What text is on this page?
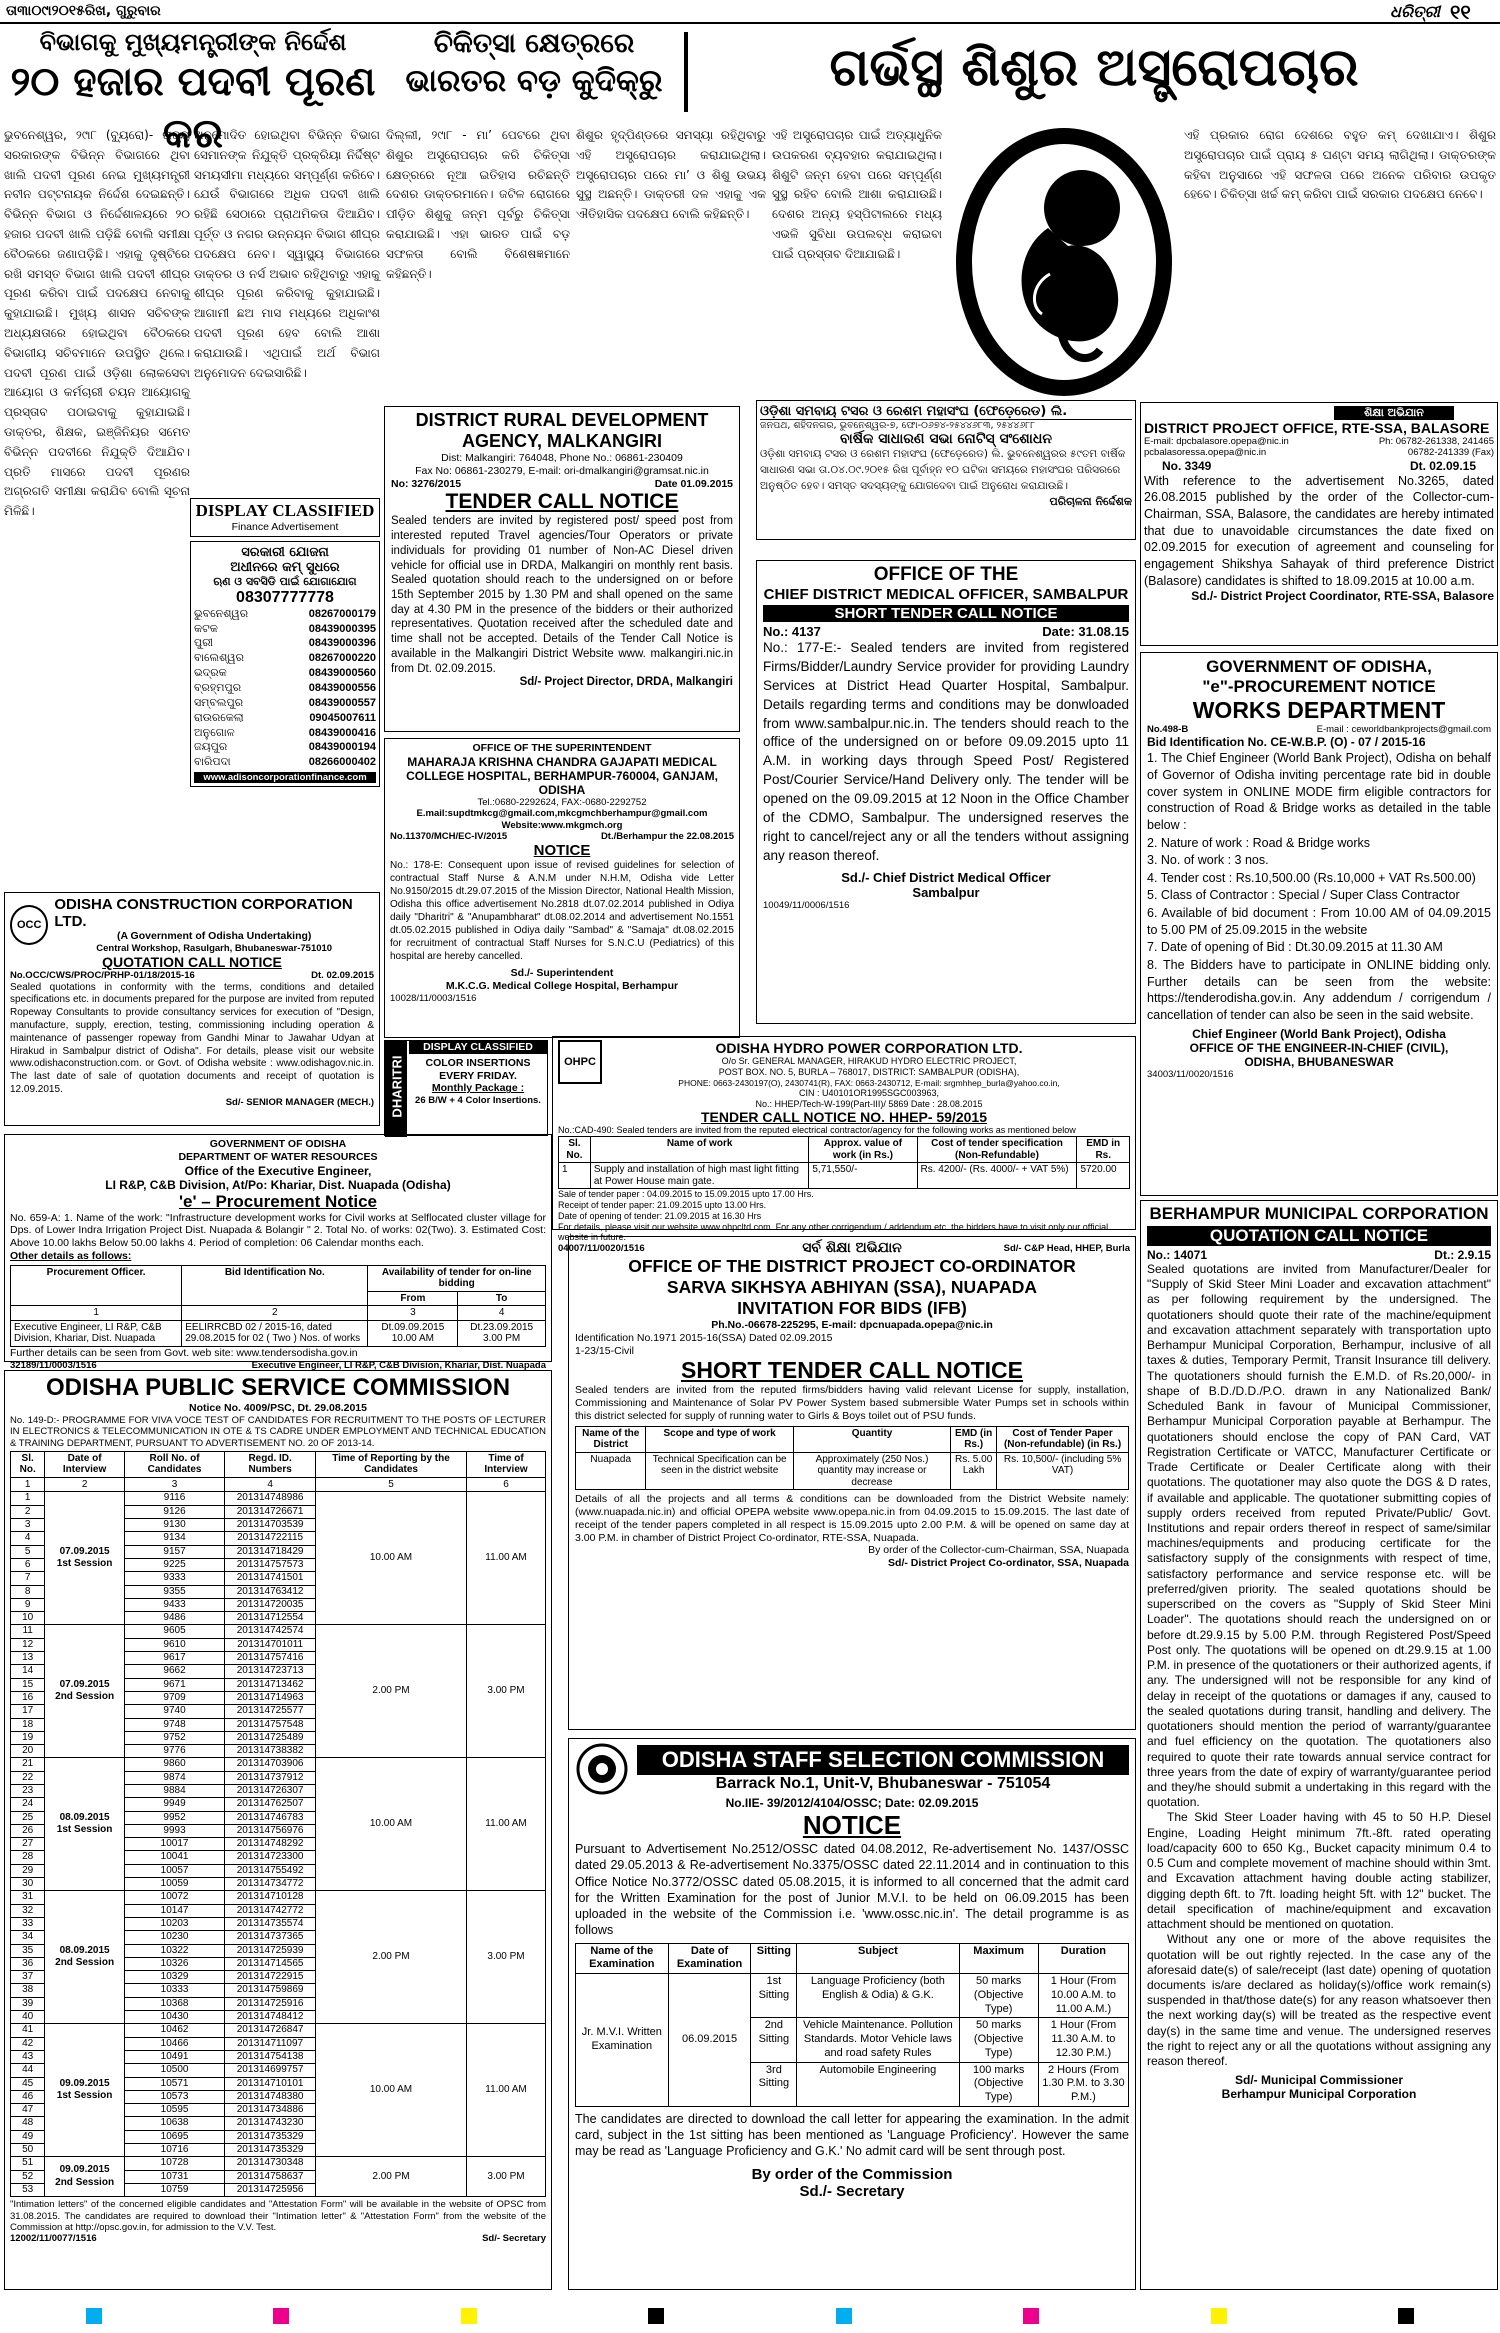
ତା୩ା୦୯ା୨୦୧୫ରିଖ, ଗୁରୁବାର	ଧରିତ୍ରୀ ୧୧
ବିଭାଗକୁ ମୁଖ୍ୟମନ୍ତ୍ରୀଙ୍କ ନିର୍ଦ୍ଦେଶ
୨୦ ହଜାର ପଦବୀ ପୂରଣ କର
ଚିକିତ୍ସା କ୍ଷେତ୍ରରେ
ଭାରତର ବଡ଼ କୁଦିକ୍ରୁ	ଗର୍ଭସ୍ଥ ଶିଶୁର ଅସ୍ତ୍ରୋପଚାର
ଭୁବନେଶ୍ୱର, ୨୯ା୮ (ବ୍ୟୁରୋ)- ରାଜ୍ୟ ସରକାରଙ୍କ ବିଭିନ୍ନ ବିଭାଗରେ ଥିବା ଖାଲି ପଦବୀ ପୂରଣ ନେଇ ମୁଖ୍ୟମନ୍ତ୍ରୀ ନବୀନ ପଟ୍ଟନାୟକ ନିର୍ଦ୍ଦେଶ ଦେଇଛନ୍ତି। ବିଭିନ୍ନ ବିଭାଗ ଓ ନିର୍ଦ୍ଦେଶାଳୟରେ ୨୦ ହଜାର ପଦବୀ ଖାଲି ପଡ଼ିଛି ବୋଲି ସମୀକ୍ଷା ବୈଠକରେ ଜଣାପଡ଼ିଛି। ଏହାକୁ ଦୃଷ୍ଟିରେ ରଖି ସମସ୍ତ ବିଭାଗ ଖାଲି ପଦବୀ ଶୀଘ୍ର ପୂରଣ କରିବା ପାଇଁ ପଦକ୍ଷେପ ନେବାକୁ କୁହାଯାଇଛି। ମୁଖ୍ୟ ଶାସନ ସଚିବଙ୍କ ଅଧ୍ୟକ୍ଷତାରେ ହୋଇଥିବା ବୈଠକରେ ବିଭାଗୀୟ ସଚିବମାନେ ଉପସ୍ଥିତ ଥିଲେ। ପଦବୀ ପୂରଣ ପାଇଁ ଓଡ଼ିଶା ଲୋକସେବା ଆୟୋଗ ଓ କର୍ମଚାରୀ ଚୟନ ଆୟୋଗକୁ ପ୍ରସ୍ତାବ ପଠାଇବାକୁ କୁହାଯାଇଛି। ଡାକ୍ତର, ଶିକ୍ଷକ, ଇଞ୍ଜିନିୟର ସମେତ ବିଭିନ୍ନ ପଦବୀରେ ନିଯୁକ୍ତି ଦିଆଯିବ। ପ୍ରତି ମାସରେ ପଦବୀ ପୂରଣର ଅଗ୍ରଗତି ସମୀକ୍ଷା କରାଯିବ ବୋଲି ସୂଚନା ମିଳିଛି।
ଅନୁମୋଦିତ ହୋଇଥିବା ବିଭିନ୍ନ ବିଭାଗ ସେମାନଙ୍କ ନିଯୁକ୍ତି ପ୍ରକ୍ରିୟା ନିର୍ଦ୍ଦିଷ୍ଟ ସମୟସୀମା ମଧ୍ୟରେ ସମ୍ପୂର୍ଣ୍ଣ କରିବେ। ଯେଉଁ ବିଭାଗରେ ଅଧିକ ପଦବୀ ଖାଲି ରହିଛି ସେଠାରେ ପ୍ରାଥମିକତା ଦିଆଯିବ। ପୂର୍ତ୍ତ ଓ ନଗର ଉନ୍ନୟନ ବିଭାଗ ଶୀଘ୍ର ପଦକ୍ଷେପ ନେବ। ସ୍ୱାସ୍ଥ୍ୟ ବିଭାଗରେ ଡାକ୍ତର ଓ ନର୍ସ ଅଭାବ ରହିଥିବାରୁ ଏହାକୁ ଶୀଘ୍ର ପୂରଣ କରିବାକୁ କୁହାଯାଇଛି। ଆଗାମୀ ଛଅ ମାସ ମଧ୍ୟରେ ଅଧିକାଂଶ ପଦବୀ ପୂରଣ ହେବ ବୋଲି ଆଶା କରାଯାଉଛି। ଏଥିପାଇଁ ଅର୍ଥ ବିଭାଗ ଅନୁମୋଦନ ଦେଇସାରିଛି।
ଦିଲ୍ଲୀ, ୨୯ା୮ - ମା’ ପେଟରେ ଥିବା ଶିଶୁର ଅସ୍ତ୍ରୋପଚାର କରି ଚିକିତ୍ସା କ୍ଷେତ୍ରରେ ନୂଆ ଇତିହାସ ରଚିଛନ୍ତି ଦେଶର ଡାକ୍ତରମାନେ। ଜଟିଳ ରୋଗରେ ପୀଡ଼ିତ ଶିଶୁକୁ ଜନ୍ମ ପୂର୍ବରୁ ଚିକିତ୍ସା କରାଯାଇଛି। ଏହା ଭାରତ ପାଇଁ ବଡ଼ ସଫଳତା ବୋଲି ବିଶେଷଜ୍ଞମାନେ କହିଛନ୍ତି।
ଶିଶୁର ହୃଦ୍‌ପିଣ୍ଡରେ ସମସ୍ୟା ରହିଥିବାରୁ ଏହି ଅସ୍ତ୍ରୋପଚାର କରାଯାଇଥିଲା। ଅସ୍ତ୍ରୋପଚାର ପରେ ମା’ ଓ ଶିଶୁ ଉଭୟ ସୁସ୍ଥ ଅଛନ୍ତି। ଡାକ୍ତରୀ ଦଳ ଏହାକୁ ଏକ ଐତିହାସିକ ପଦକ୍ଷେପ ବୋଲି କହିଛନ୍ତି।
ଏହି ଅସ୍ତ୍ରୋପଚାର ପାଇଁ ଅତ୍ୟାଧୁନିକ ଉପକରଣ ବ୍ୟବହାର କରାଯାଇଥିଲା। ଶିଶୁଟି ଜନ୍ମ ହେବା ପରେ ସମ୍ପୂର୍ଣ୍ଣ ସୁସ୍ଥ ରହିବ ବୋଲି ଆଶା କରାଯାଉଛି। ଦେଶର ଅନ୍ୟ ହସ୍ପିଟାଲରେ ମଧ୍ୟ ଏଭଳି ସୁବିଧା ଉପଲବ୍ଧ କରାଇବା ପାଇଁ ପ୍ରସ୍ତାବ ଦିଆଯାଇଛି।
ଏହି ପ୍ରକାର ରୋଗ ଦେଶରେ ବହୁତ କମ୍ ଦେଖାଯାଏ। ଶିଶୁର ଅସ୍ତ୍ରୋପଚାର ପାଇଁ ପ୍ରାୟ ୫ ଘଣ୍ଟା ସମୟ ଲାଗିଥିଲା। ଡାକ୍ତରଙ୍କ କହିବା ଅନୁସାରେ ଏହି ସଫଳତା ପରେ ଅନେକ ପରିବାର ଉପକୃତ ହେବେ। ଚିକିତ୍ସା ଖର୍ଚ୍ଚ କମ୍ କରିବା ପାଇଁ ସରକାର ପଦକ୍ଷେପ ନେବେ।
DISPLAY CLASSIFIED
Finance Advertisement
ସରକାରୀ ଯୋଜନା
ଅଧୀନରେ କମ୍ ସୁଧରେ
ଋଣ ଓ ସବସିଡି ପାଇଁ ଯୋଗାଯୋଗ
08307777778
ଭୁବନେଶ୍ୱର	08267000179
କଟକ	08439000395
ପୁରୀ	08439000396
ବାଲେଶ୍ୱର	08267000220
ଭଦ୍ରକ	08439000560
ବ୍ରହ୍ମପୁର	08439000556
ସମ୍ବଲପୁର	08439000557
ରାଉରକେଲା	09045007611
ଅନୁଗୋଳ	08439000416
ଜୟପୁର	08439000194
ବାରିପଦା	08266000402
www.adisoncorporationfinance.com
DISTRICT RURAL DEVELOPMENT
AGENCY, MALKANGIRI
Dist: Malkangiri: 764048, Phone No.: 06861-230409
Fax No: 06861-230279, E-mail: ori-dmalkangiri@gramsat.nic.in
No: 3276/2015	Date 01.09.2015
TENDER CALL NOTICE
Sealed tenders are invited by registered post/ speed post from interested reputed Travel agencies/Tour Operators or private individuals for providing 01 number of Non-AC Diesel driven vehicle for official use in DRDA, Malkangiri on monthly rent basis. Sealed quotation should reach to the undersigned on or before 15th September 2015 by 1.30 PM and shall opened on the same day at 4.30 PM in the presence of the bidders or their authorized representatives. Quotation received after the scheduled date and time shall not be accepted. Details of the Tender Call Notice is available in the Malkangiri District Website www. malkangiri.nic.in from Dt. 02.09.2015.
Sd/- Project Director, DRDA, Malkangiri
ଓଡ଼ିଶା ସମବାୟ ଟସର ଓ ରେଶମ ମହାସଂଘ (ଫେଡ଼େରେଡ) ଲି.
ଜନପଥ, ଶହିଦନଗର, ଭୁବନେଶ୍ୱର-୭, ଫୋ-୦୬୭୪-୨୫୪୪୬୮୩, ୨୫୪୪୬୮୮
ବାର୍ଷିକ ସାଧାରଣ ସଭା ନୋଟିସ୍ ସଂଶୋଧନ
ଓଡ଼ିଶା ସମବାୟ ଟସର ଓ ରେଶମ ମହାସଂଘ (ଫେଡ଼େରେଡ) ଲି. ଭୁବନେଶ୍ୱରର ୫୯ତମ ବାର୍ଷିକ ସାଧାରଣ ସଭା ତା.୦୪.୦୯.୨୦୧୫ ରିଖ ପୂର୍ବାହ୍ନ ୧୦ ଘଟିକା ସମୟରେ ମହାସଂଘର ପରିସରରେ ଅନୁଷ୍ଠିତ ହେବ। ସମସ୍ତ ସଦସ୍ୟଙ୍କୁ ଯୋଗଦେବା ପାଇଁ ଅନୁରୋଧ କରାଯାଉଛି।
ପରିଚାଳନା ନିର୍ଦ୍ଦେଶକ
OFFICE OF THE
CHIEF DISTRICT MEDICAL OFFICER, SAMBALPUR
SHORT TENDER CALL NOTICE
No.: 4137	Date: 31.08.15
No.: 177-E:- Sealed tenders are invited from registered Firms/Bidder/Laundry Service provider for providing Laundry Services at District Head Quarter Hospital, Sambalpur. Details regarding terms and conditions may be donwloaded from www.sambalpur.nic.in. The tenders should reach to the office of the undersigned on or before 09.09.2015 upto 11 A.M. in working days through Speed Post/ Registered Post/Courier Service/Hand Delivery only. The tender will be opened on the 09.09.2015 at 12 Noon in the Office Chamber of the CDMO, Sambalpur. The undersigned reserves the right to cancel/reject any or all the tenders without assigning any reason thereof.
Sd./- Chief District Medical Officer
Sambalpur
10049/11/0006/1516
ଶିକ୍ଷା ଅଭିଯାନ
DISTRICT PROJECT OFFICE, RTE-SSA, BALASORE
E-mail: dpcbalasore.opepa@nic.in	Ph: 06782-261338, 241465
pcbalasoressa.opepa@nic.in	06782-241339 (Fax)
No. 3349	Dt. 02.09.15
With reference to the advertisement No.3265, dated 26.08.2015 published by the order of the Collector-cum-Chairman, SSA, Balasore, the candidates are hereby intimated that due to unavoidable circumstances the date fixed on 02.09.2015 for execution of agreement and counseling for engagement Shikshya Sahayak of third preference District (Balasore) candidates is shifted to 18.09.2015 at 10.00 a.m.
Sd./- District Project Coordinator, RTE-SSA, Balasore
GOVERNMENT OF ODISHA,
"e"-PROCUREMENT NOTICE
WORKS DEPARTMENT
No.498-B	E-mail : ceworldbankprojects@gmail.com
Bid Identification No. CE-W.B.P. (O) - 07 / 2015-16
1. The Chief Engineer (World Bank Project), Odisha on behalf of Governor of Odisha inviting percentage rate bid in double cover system in ONLINE MODE firm eligible contractors for construction of Road & Bridge works as detailed in the table below :
2. Nature of work : Road & Bridge works
3. No. of work : 3 nos.
4. Tender cost : Rs.10,500.00 (Rs.10,000 + VAT Rs.500.00)
5. Class of Contractor : Special / Super Class Contractor
6. Available of bid document : From 10.00 AM of 04.09.2015 to 5.00 PM of 25.09.2015 in the website
7. Date of opening of Bid : Dt.30.09.2015 at 11.30 AM
8. The Bidders have to participate in ONLINE bidding only. Further details can be seen from the website: https://tenderodisha.gov.in. Any addendum / corrigendum / cancellation of tender can also be seen in the said website.
Chief Engineer (World Bank Project), Odisha
OFFICE OF THE ENGINEER-IN-CHIEF (CIVIL),
ODISHA, BHUBANESWAR
34003/11/0020/1516
OFFICE OF THE SUPERINTENDENT
MAHARAJA KRISHNA CHANDRA GAJAPATI MEDICAL
COLLEGE HOSPITAL, BERHAMPUR-760004, GANJAM, ODISHA
Tel.:0680-2292624, FAX:-0680-2292752
E.mail:supdtmkcg@gmail.com,mkcgmchberhampur@gmail.com
Website:www.mkgmch.org
No.11370/MCH/EC-IV/2015	Dt./Berhampur the 22.08.2015
NOTICE
No.: 178-E: Consequent upon issue of revised guidelines for selection of contractual Staff Nurse & A.N.M under N.H.M, Odisha vide Letter No.9150/2015 dt.29.07.2015 of the Mission Director, National Health Mission, Odisha this office advertisement No.2818 dt.07.02.2014 published in Odiya daily "Dharitri" & "Anupambharat" dt.08.02.2014 and advertisement No.1551 dt.05.02.2015 published in Odiya daily "Sambad" & "Samaja" dt.08.02.2015 for recruitment of contractual Staff Nurses for S.N.C.U (Pediatrics) of this hospital are hereby cancelled.
Sd./- Superintendent
M.K.C.G. Medical College Hospital, Berhampur
10028/11/0003/1516
OCC
ODISHA CONSTRUCTION CORPORATION LTD.
(A Government of Odisha Undertaking)
Central Workshop, Rasulgarh, Bhubaneswar-751010
QUOTATION CALL NOTICE
No.OCC/CWS/PROC/PRHP-01/18/2015-16	Dt. 02.09.2015
Sealed quotations in conformity with the terms, conditions and detailed specifications etc. in documents prepared for the purpose are invited from reputed Ropeway Consultants to provide consultancy services for execution of "Design, manufacture, supply, erection, testing, commissioning including operation & maintenance of passenger ropeway from Gandhi Minar to Jawahar Udyan at Hirakud in Sambalpur district of Odisha". For details, please visit our website www.odishaconstruction.com. or Govt. of Odisha website : www.odishagov.nic.in. The last date of sale of quotation documents and receipt of quotation is 12.09.2015.
Sd/- SENIOR MANAGER (MECH.) DHARITRI
DISPLAY CLASSIFIED
COLOR INSERTIONS
EVERY FRIDAY.
Monthly Package :
26 B/W + 4 Color Insertions.
OHPC
ODISHA HYDRO POWER CORPORATION LTD.
O/o Sr. GENERAL MANAGER, HIRAKUD HYDRO ELECTRIC PROJECT,
POST BOX. NO. 5, BURLA – 768017, DISTRICT: SAMBALPUR (ODISHA),
PHONE: 0663-2430197(O), 2430741(R), FAX: 0663-2430712, E-mail: srgmhhep_burla@yahoo.co.in,
CIN : U40101OR1995SGC003963,
No.: HHEP/Tech-W-199(Part-III)/ 5869 Date : 28.08.2015
TENDER CALL NOTICE NO. HHEP- 59/2015
No.:CAD-490: Sealed tenders are invited from the reputed electrical contractor/agency for the following works as mentioned below
Sl. No.	Name of work	Approx. value of work (in Rs.)	Cost of tender specification (Non-Refundable)	EMD in Rs.
1	Supply and installation of high mast light fitting at Power House main gate.	5,71,550/-	Rs. 4200/- (Rs. 4000/- + VAT 5%)	5720.00
Sale of tender paper : 04.09.2015 to 15.09.2015 upto 17.00 Hrs.
Receipt of tender paper: 21.09.2015 upto 13.00 Hrs.
Date of opening of tender: 21.09.2015 at 16.30 Hrs
For details, please visit our website www.ohpcltd.com. For any other corrigendum / addendum etc. the bidders have to visit only our official website in future.
04007/11/0020/1516	Sd/- C&P Head, HHEP, Burla
GOVERNMENT OF ODISHA
DEPARTMENT OF WATER RESOURCES
Office of the Executive Engineer,
LI R&P, C&B Division, At/Po: Khariar, Dist. Nuapada (Odisha)
'e' – Procurement Notice
No. 659-A: 1. Name of the work: "Infrastructure development works for Civil works at Selflocated cluster village for Dps. of Lower Indra Irrigation Project Dist. Nuapada & Bolangir " 2. Total No. of works: 02(Two). 3. Estimated Cost: Above 10.00 lakhs Below 50.00 lakhs 4. Period of completion: 06 Calendar months each.
Other details as follows:
Procurement Officer.	Bid Identification No.	Availability of tender for on-line bidding	
		From	To
1	2	3	4
Executive Engineer, LI R&P, C&B Division, Khariar, Dist. Nuapada	EELIRRCBD 02 / 2015-16, dated 29.08.2015 for 02 ( Two ) Nos. of works	Dt.09.09.2015 10.00 AM	Dt.23.09.2015 3.00 PM
Further details can be seen from Govt. web site: www.tendersodisha.gov.in
32189/11/0003/1516	Executive Engineer, LI R&P, C&B Division, Khariar, Dist. Nuapada
ସର୍ବ ଶିକ୍ଷା ଅଭିଯାନ
OFFICE OF THE DISTRICT PROJECT CO-ORDINATOR
SARVA SIKHSYA ABHIYAN (SSA), NUAPADA
INVITATION FOR BIDS (IFB)
Ph.No.-06678-225295, E-mail: dpcnuapada.opepa@nic.in
Identification No.1971 2015-16(SSA) Dated 02.09.2015
1-23/15-Civil
SHORT TENDER CALL NOTICE
Sealed tenders are invited from the reputed firms/bidders having valid relevant License for supply, installation, Commissioning and Maintenance of Solar PV Power System based submersible Water Pumps set in schools within this district selected for supply of running water to Girls & Boys toilet out of PSU funds.
Name of the District	Scope and type of work	Quantity	EMD (in Rs.)	Cost of Tender Paper (Non-refundable) (in Rs.)
Nuapada	Technical Specification can be seen in the district website	Approximately (250 Nos.) quantity may increase or decrease	Rs. 5.00 Lakh	Rs. 10,500/- (including 5% VAT)
Details of all the projects and all terms & conditions can be downloaded from the District Website namely: (www.nuapada.nic.in) and official OPEPA website www.opepa.nic.in from 04.09.2015 to 15.09.2015. The last date of receipt of the tender papers completed in all respect is 15.09.2015 upto 2.00 P.M. & will be opened on same day at 3.00 P.M. in chamber of District Project Co-ordinator, RTE-SSA, Nuapada.
By order of the Collector-cum-Chairman, SSA, Nuapada
Sd/- District Project Co-ordinator, SSA, Nuapada
ODISHA PUBLIC SERVICE COMMISSION
Notice No. 4009/PSC, Dt. 29.08.2015
No. 149-D:- PROGRAMME FOR VIVA VOCE TEST OF CANDIDATES FOR RECRUITMENT TO THE POSTS OF LECTURER IN ELECTRONICS & TELECOMMUNICATION IN OTE & TS CADRE UNDER EMPLOYMENT AND TECHNICAL EDUCATION & TRAINING DEPARTMENT, PURSUANT TO ADVERTISEMENT NO. 20 OF 2013-14.
Sl. No.	Date of Interview	Roll No. of Candidates	Regd. ID. Numbers	Time of Reporting by the Candidates	Time of Interview
1	2	3	4	5	6
1	07.09.2015
1st Session	9116	201314748986	10.00 AM	11.00 AM
2		9126	201314726671		
3		9130	201314703539		
4		9134	201314722115		
5		9157	201314718429		
6		9225	201314757573		
7		9333	201314741501		
8		9355	201314763412		
9		9433	201314720035		
10		9486	201314712554		
11	07.09.2015
2nd Session	9605	201314742574	2.00 PM	3.00 PM
12		9610	201314701011		
13		9617	201314757416		
14		9662	201314723713		
15		9671	201314713462		
16		9709	201314714963		
17		9740	201314725577		
18		9748	201314757548		
19		9752	201314725489		
20		9776	201314738382		
21	08.09.2015
1st Session	9860	201314703906	10.00 AM	11.00 AM
22		9874	201314737912		
23		9884	201314726307		
24		9949	201314762507		
25		9952	201314746783		
26		9993	201314756976		
27		10017	201314748292		
28		10041	201314723300		
29		10057	201314755492		
30		10059	201314734772		
31	08.09.2015
2nd Session	10072	201314710128	2.00 PM	3.00 PM
32		10147	201314742772		
33		10203	201314735574		
34		10230	201314737365		
35		10322	201314725939		
36		10326	201314714565		
37		10329	201314722915		
38		10333	201314759869		
39		10368	201314725916		
40		10430	201314748412		
41	09.09.2015
1st Session	10462	201314726847	10.00 AM	11.00 AM
42		10466	201314711097		
43		10491	201314754138		
44		10500	201314699757		
45		10571	201314710101		
46		10573	201314748380		
47		10595	201314734886		
48		10638	201314743230		
49		10695	201314735329		
50		10716	201314735329		
51	09.09.2015
2nd Session	10728	201314730348	2.00 PM	3.00 PM
52		10731	201314758637		
53		10759	201314725956		
"Intimation letters" of the concerned eligible candidates and "Attestation Form" will be available in the website of OPSC from 31.08.2015. The candidates are required to download their "Intimation letter" & "Attestation Form" from the website of the Commission at http://opsc.gov.in, for admission to the V.V. Test.
12002/11/0077/1516	Sd/- Secretary
ODISHA STAFF SELECTION COMMISSION
Barrack No.1, Unit-V, Bhubaneswar - 751054
No.IIE- 39/2012/4104/OSSC; Date: 02.09.2015
NOTICE
Pursuant to Advertisement No.2512/OSSC dated 04.08.2012, Re-advertisement No. 1437/OSSC dated 29.05.2013 & Re-advertisement No.3375/OSSC dated 22.11.2014 and in continuation to this Office Notice No.3772/OSSC dated 05.08.2015, it is informed to all concerned that the admit card for the Written Examination for the post of Junior M.V.I. to be held on 06.09.2015 has been uploaded in the website of the Commission i.e. 'www.ossc.nic.in'. The detail programme is as follows
Name of the Examination	Date of Examination	Sitting	Subject	Maximum	Duration
Jr. M.V.I. Written Examination	06.09.2015	1st Sitting	Language Proficiency (both English & Odia) & G.K.	50 marks (Objective Type)	1 Hour (From 10.00 A.M. to 11.00 A.M.)
		2nd Sitting	Vehicle Maintenance. Pollution Standards. Motor Vehicle laws and road safety Rules	50 marks (Objective Type)	1 Hour (From 11.30 A.M. to 12.30 P.M.)
		3rd Sitting	Automobile Engineering	100 marks (Objective Type)	2 Hours (From 1.30 P.M. to 3.30 P.M.)
The candidates are directed to download the call letter for appearing the examination. In the admit card, subject in the 1st sitting has been mentioned as 'Language Proficiency'. However the same may be read as 'Language Proficiency and G.K.' No admit card will be sent through post.
By order of the Commission
Sd./- Secretary
BERHAMPUR MUNICIPAL CORPORATION
QUOTATION CALL NOTICE
No.: 14071	Dt.: 2.9.15
Sealed quotations are invited from Manufacturer/Dealer for "Supply of Skid Steer Mini Loader and excavation attachment" as per following requirement by the undersigned. The quotationers should quote their rate of the machine/equipment and excavation attachment separately with transportation upto Berhampur Municipal Corporation, Berhampur, inclusive of all taxes & duties, Temporary Permit, Transit Insurance till delivery. The quotationers should furnish the E.M.D. of Rs.20,000/- in shape of B.D./D.D./P.O. drawn in any Nationalized Bank/ Scheduled Bank in favour of Municipal Commissioner, Berhampur Municipal Corporation payable at Berhampur. The quotationers should enclose the copy of PAN Card, VAT Registration Certificate or VATCC, Manufacturer Certificate or Trade Certificate or Dealer Certificate along with their quotations. The quotationer may also quote the DGS & D rates, if available and applicable. The quotationer submitting copies of supply orders received from reputed Private/Public/ Govt. Institutions and repair orders thereof in respect of same/similar machines/equipments and producing certificate for the satisfactory supply of the consignments with respect of time, satisfactory performance and service response etc. will be preferred/given priority. The sealed quotations should be superscribed on the covers as "Supply of Skid Steer Mini Loader". The quotations should reach the undersigned on or before dt.29.9.15 by 5.00 P.M. through Registered Post/Speed Post only. The quotations will be opened on dt.29.9.15 at 1.00 P.M. in presence of the quotationers or their authorized agents, if any. The undersigned will not be responsible for any kind of delay in receipt of the quotations or damages if any, caused to the sealed quotations during transit, handling and delivery. The quotationers should mention the period of warranty/guarantee and fuel efficiency on the quotation. The quotationers also required to quote their rate towards annual service contract for three years from the date of expiry of warranty/guarantee period and they/he should submit a undertaking in this regard with the quotation.
The Skid Steer Loader having with 45 to 50 H.P. Diesel Engine, Loading Height minimum 7ft.-8ft. rated operating load/capacity 600 to 650 Kg., Bucket capacity minimum 0.4 to 0.5 Cum and complete movement of machine should within 3mt. and Excavation attachment having double acting stabilizer, digging depth 6ft. to 7ft. loading height 5ft. with 12" bucket. The detail specification of machine/equipment and excavation attachment should be mentioned on quotation.
Without any one or more of the above requisites the quotation will be out rightly rejected. In the case any of the aforesaid date(s) of sale/receipt (last date) opening of quotation documents is/are declared as holiday(s)/office work remain(s) suspended in that/those date(s) for any reason whatsoever then the next working day(s) will be treated as the respective event day(s) in the same time and venue. The undersigned reserves the right to reject any or all the quotations without assigning any reason thereof.
Sd/- Municipal Commissioner
Berhampur Municipal Corporation
